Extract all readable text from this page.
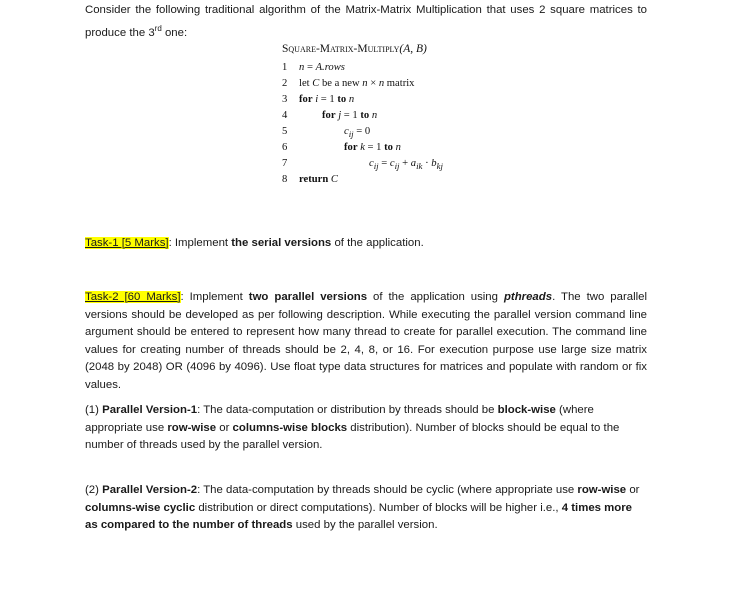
Consider the following traditional algorithm of the Matrix-Matrix Multiplication that uses 2 square matrices to produce the 3rd one:
Square-Matrix-Multiply(A, B)
1	n = A.rows
2	let C be a new n × n matrix
3	for i = 1 to n
4	for j = 1 to n
5	$c_{ij} = 0$
6	for k = 1 to n
7	$c_{ij} = c_{ij} + a_{ik} \cdot b_{kj}$
8	return C
Task-1 [5 Marks]: Implement the serial versions of the application.
Task-2 [60 Marks]: Implement two parallel versions of the application using pthreads. The two parallel versions should be developed as per following description. While executing the parallel version command line argument should be entered to represent how many thread to create for parallel execution. The command line values for creating number of threads should be 2, 4, 8, or 16. For execution purpose use large size matrix (2048 by 2048) OR (4096 by 4096). Use float type data structures for matrices and populate with random or fix values.
(1) Parallel Version-1: The data-computation or distribution by threads should be block-wise (where appropriate use row-wise or columns-wise blocks distribution). Number of blocks should be equal to the number of threads used by the parallel version.
(2) Parallel Version-2: The data-computation by threads should be cyclic (where appropriate use row-wise or columns-wise cyclic distribution or direct computations). Number of blocks will be higher i.e., 4 times more as compared to the number of threads used by the parallel version.
